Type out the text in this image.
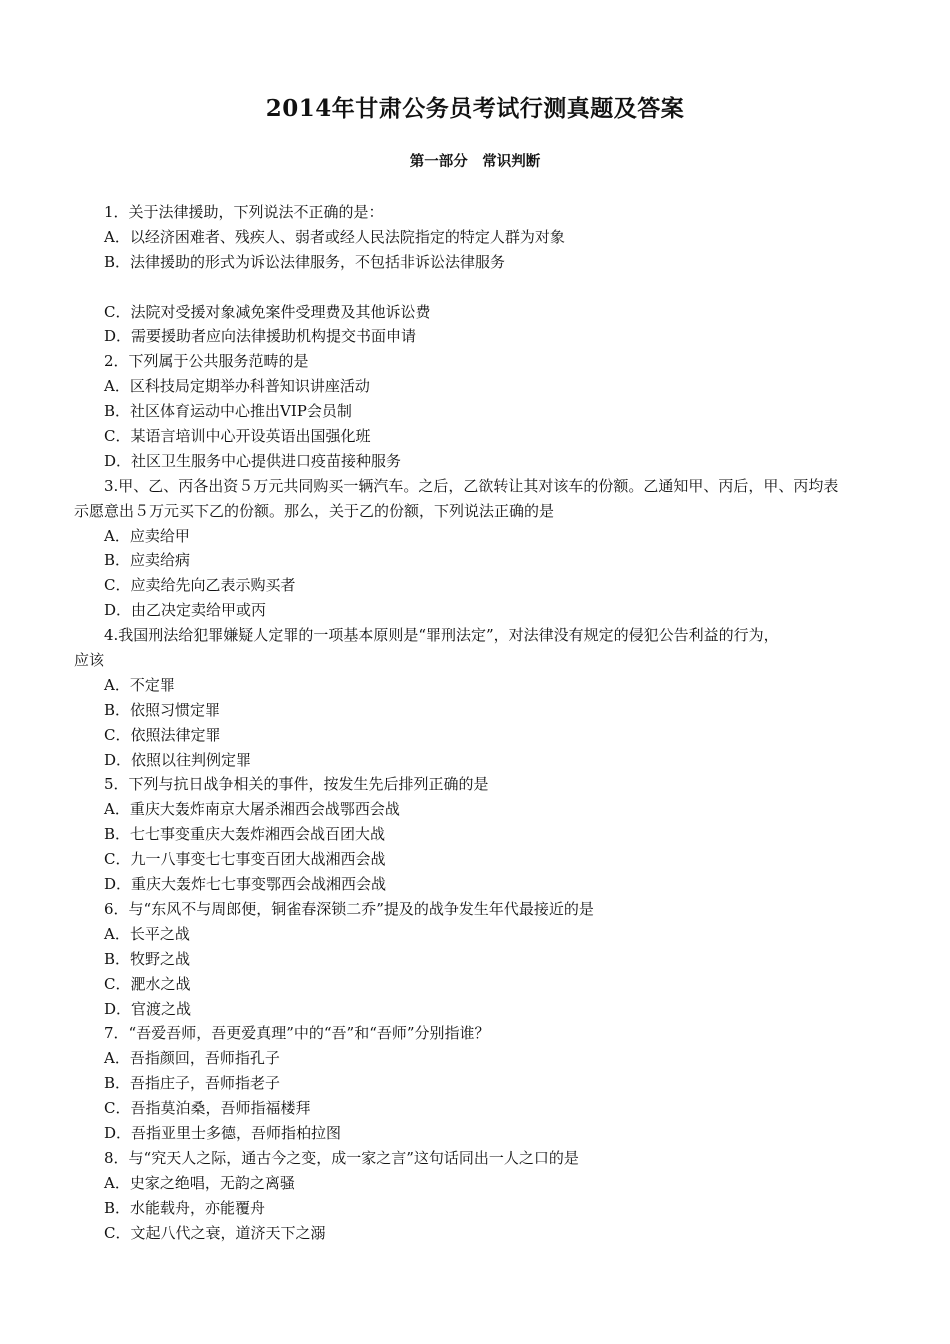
2014年甘肃公务员考试行测真题及答案
第一部分　常识判断
1．关于法律援助，下列说法不正确的是：
A．以经济困难者、残疾人、弱者或经人民法院指定的特定人群为对象
B．法律援助的形式为诉讼法律服务，不包括非诉讼法律服务
C．法院对受援对象减免案件受理费及其他诉讼费
D．需要援助者应向法律援助机构提交书面申请
2．下列属于公共服务范畴的是
A．区科技局定期举办科普知识讲座活动
B．社区体育运动中心推出VIP会员制
C．某语言培训中心开设英语出国强化班
D．社区卫生服务中心提供进口疫苗接种服务
3.甲、乙、丙各出资５万元共同购买一辆汽车。之后，乙欲转让其对该车的份额。乙通知甲、丙后，甲、丙均表
示愿意出５万元买下乙的份额。那么，关于乙的份额，下列说法正确的是
A．应卖给甲
B．应卖给病
C．应卖给先向乙表示购买者
D．由乙决定卖给甲或丙
4.我国刑法给犯罪嫌疑人定罪的一项基本原则是“罪刑法定”，对法律没有规定的侵犯公告利益的行为，
应该
A．不定罪
B．依照习惯定罪
C．依照法律定罪
D．依照以往判例定罪
5．下列与抗日战争相关的事件，按发生先后排列正确的是
A．重庆大轰炸南京大屠杀湘西会战鄂西会战
B．七七事变重庆大轰炸湘西会战百团大战
C．九一八事变七七事变百团大战湘西会战
D．重庆大轰炸七七事变鄂西会战湘西会战
6．与“东风不与周郎便，铜雀春深锁二乔”提及的战争发生年代最接近的是
A．长平之战
B．牧野之战
C．淝水之战
D．官渡之战
7．“吾爱吾师，吾更爱真理”中的“吾”和“吾师”分别指谁？
A．吾指颜回，吾师指孔子
B．吾指庄子，吾师指老子
C．吾指莫泊桑，吾师指福楼拜
D．吾指亚里士多德，吾师指柏拉图
8．与“究天人之际，通古今之变，成一家之言”这句话同出一人之口的是
A．史家之绝唱，无韵之离骚
B．水能载舟，亦能覆舟
C．文起八代之衰，道济天下之溺
